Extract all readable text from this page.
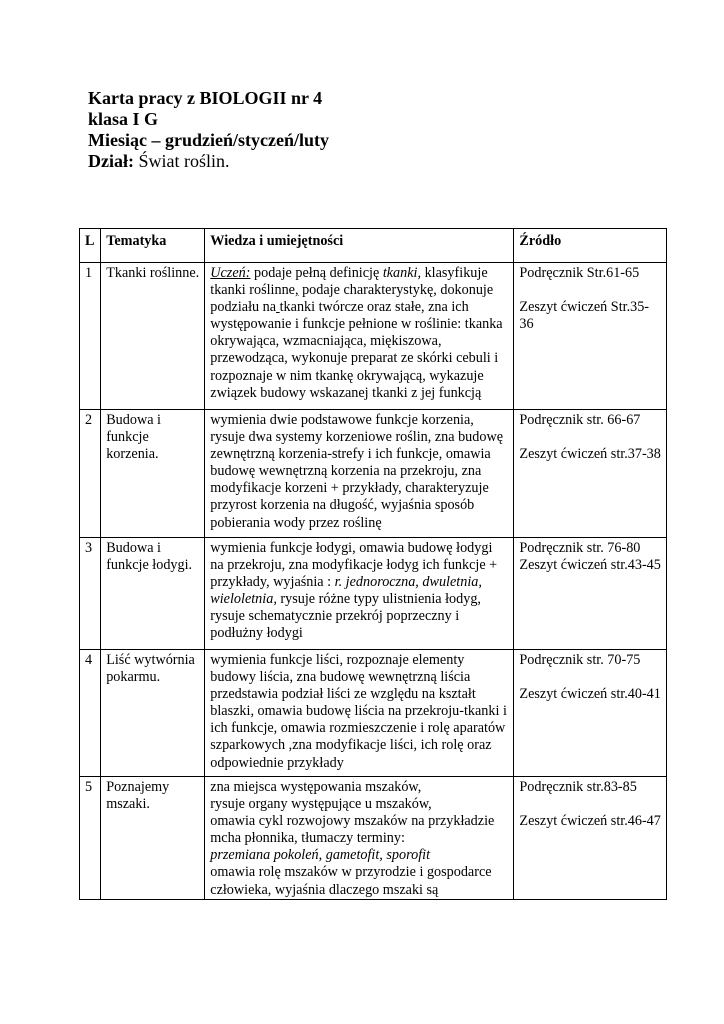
Karta pracy z BIOLOGII nr 4
klasa I G
Miesiąc – grudzień/styczeń/luty
Dział: Świat roślin.
L	Tematyka	Wiedza i umiejętności	Źródło
1	Tkanki roślinne.	Uczeń: podaje pełną definicję tkanki, klasyfikuje tkanki roślinne, podaje charakterystykę, dokonuje podziału na tkanki twórcze oraz stałe, zna ich występowanie i funkcje pełnione w roślinie: tkanka okrywająca, wzmacniająca, miękiszowa, przewodząca, wykonuje preparat ze skórki cebuli i rozpoznaje w nim tkankę okrywającą, wykazuje związek budowy wskazanej tkanki z jej funkcją	Podręcznik Str.61-65
Zeszyt ćwiczeń Str.35-36
2	Budowa i funkcje korzenia.	wymienia dwie podstawowe funkcje korzenia, rysuje dwa systemy korzeniowe roślin, zna budowę zewnętrzną korzenia-strefy i ich funkcje, omawia budowę wewnętrzną korzenia na przekroju, zna modyfikacje korzeni + przykłady, charakteryzuje przyrost korzenia na długość, wyjaśnia sposób pobierania wody przez roślinę	Podręcznik str. 66-67
Zeszyt ćwiczeń str.37-38
3	Budowa i funkcje łodygi.	wymienia funkcje łodygi, omawia budowę łodygi na przekroju, zna modyfikacje łodyg ich funkcje + przykłady, wyjaśnia : r. jednoroczna, dwuletnia, wieloletnia, rysuje różne typy ulistnienia łodyg, rysuje schematycznie przekrój poprzeczny i podłużny łodygi	Podręcznik str. 76-80
Zeszyt ćwiczeń str.43-45
4	Liść wytwórnia pokarmu.	wymienia funkcje liści, rozpoznaje elementy budowy liścia, zna budowę wewnętrzną liścia przedstawia podział liści ze względu na kształt blaszki, omawia budowę liścia na przekroju-tkanki i ich funkcje, omawia rozmieszczenie i rolę aparatów szparkowych ,zna modyfikacje liści, ich rolę oraz odpowiednie przykłady	Podręcznik str. 70-75
Zeszyt ćwiczeń str.40-41
5	Poznajemy mszaki.	zna miejsca występowania mszaków,
rysuje organy występujące u mszaków,
omawia cykl rozwojowy mszaków na przykładzie mcha płonnika, tłumaczy terminy:
przemiana pokoleń, gametofit, sporofit
omawia rolę mszaków w przyrodzie i gospodarce człowieka, wyjaśnia dlaczego mszaki są	Podręcznik str.83-85
Zeszyt ćwiczeń str.46-47
